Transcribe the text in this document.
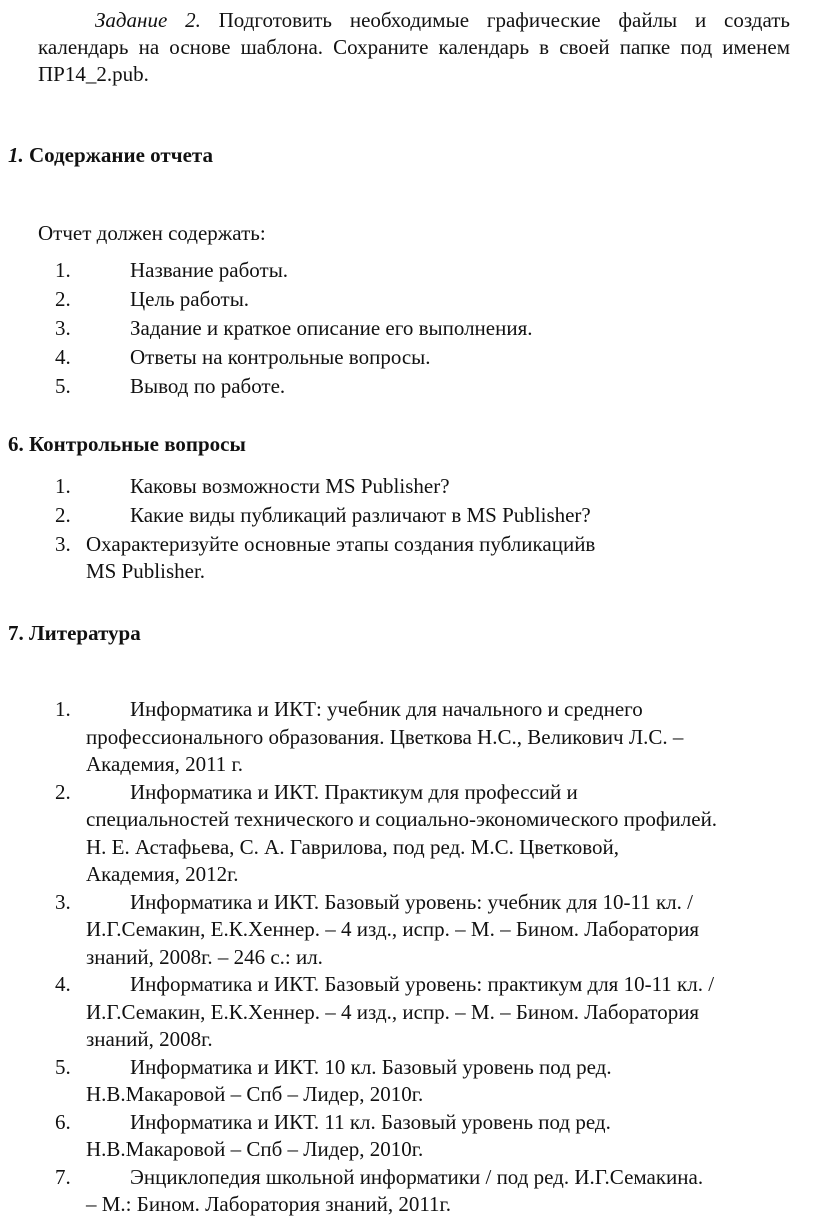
Задание 2. Подготовить необходимые графические файлы и создать календарь на основе шаблона. Сохраните календарь в своей папке под именем ПР14_2.pub.

1. Содержание отчета
Отчет должен содержать:
1.	Название работы.
2.	Цель работы.
3.	Задание и краткое описание его выполнения.
4.	Ответы на контрольные вопросы.
5.	Вывод по работе.
6. Контрольные вопросы
1.	Каковы возможности MS Publisher?
2.	Какие виды публикаций различают в MS Publisher?
3. Охарактеризуйте основные этапы создания публикацийв
MS Publisher.
7. Литература
1.	Информатика и ИКТ: учебник для начального и среднего
профессионального образования. Цветкова Н.С., Великович Л.С. –
Академия, 2011 г.
2.	Информатика и ИКТ. Практикум для профессий и
специальностей технического и социально-экономического профилей.
Н. Е. Астафьева, С. А. Гаврилова, под ред. М.С. Цветковой,
Академия, 2012г.
3.	Информатика и ИКТ. Базовый уровень: учебник для 10-11 кл. /
И.Г.Семакин, Е.К.Хеннер. – 4 изд., испр. – М. – Бином. Лаборатория
знаний, 2008г. – 246 с.: ил.
4.	Информатика и ИКТ. Базовый уровень: практикум для 10-11 кл. /
И.Г.Семакин, Е.К.Хеннер. – 4 изд., испр. – М. – Бином. Лаборатория
знаний, 2008г.
5.	Информатика и ИКТ. 10 кл. Базовый уровень под ред.
Н.В.Макаровой – Спб – Лидер, 2010г.
6.	Информатика и ИКТ. 11 кл. Базовый уровень под ред.
Н.В.Макаровой – Спб – Лидер, 2010г.
7.	Энциклопедия школьной информатики / под ред. И.Г.Семакина.
– М.: Бином. Лаборатория знаний, 2011г.
